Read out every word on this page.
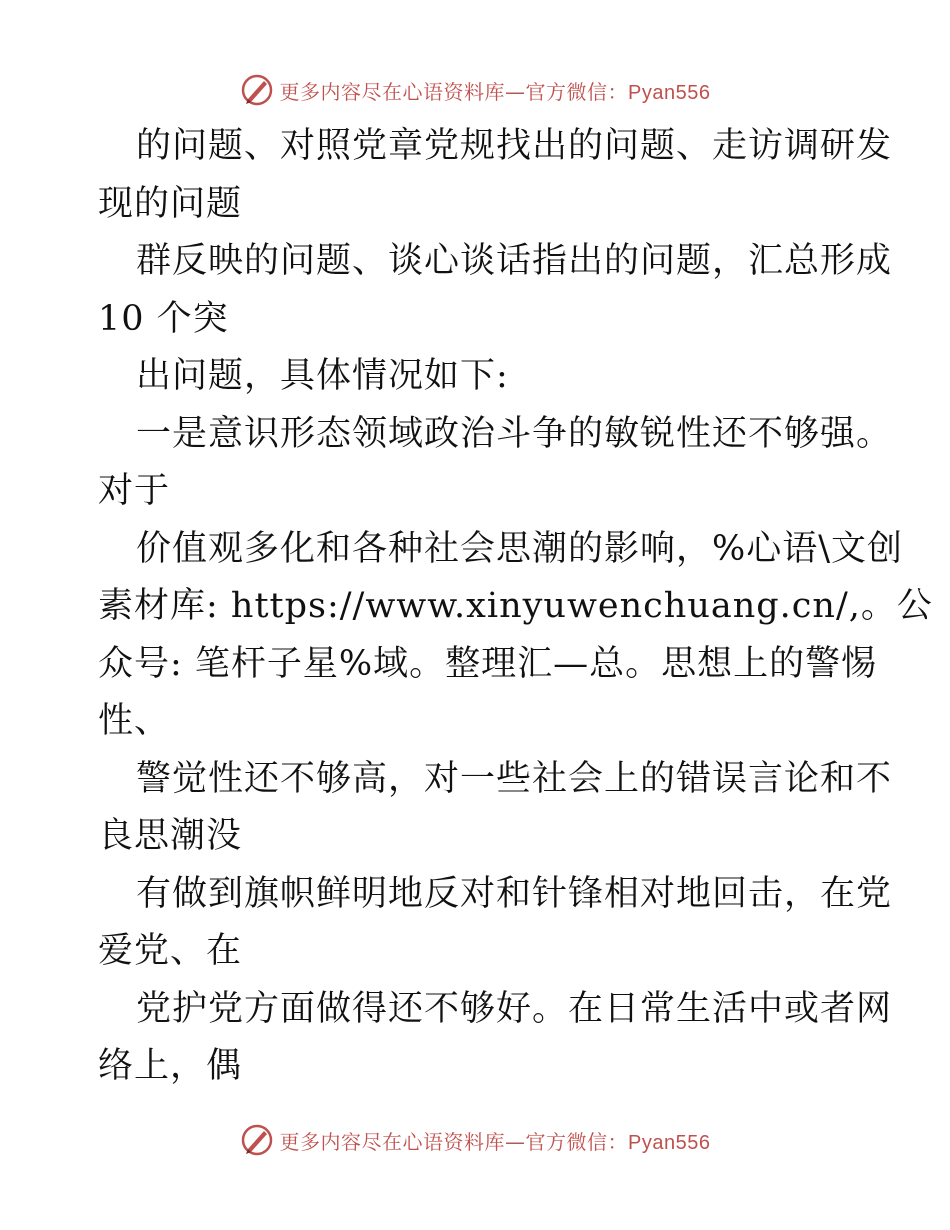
更多内容尽在心语资料库—官方微信：Pyan556
的问题、对照党章党规找出的问题、走访调研发
现的问题
群反映的问题、谈心谈话指出的问题，汇总形成
10 个突
出问题，具体情况如下:
一是意识形态领域政治斗争的敏锐性还不够强。
对于
价值观多化和各种社会思潮的影响，%心语\文创
素材库: https://www.xinyuwenchuang.cn/,。公
众号: 笔杆子星%域。整理汇—总。思想上的警惕
性、
警觉性还不够高，对一些社会上的错误言论和不
良思潮没
有做到旗帜鲜明地反对和针锋相对地回击，在党
爱党、在
党护党方面做得还不够好。在日常生活中或者网
络上，偶
更多内容尽在心语资料库—官方微信：Pyan556
